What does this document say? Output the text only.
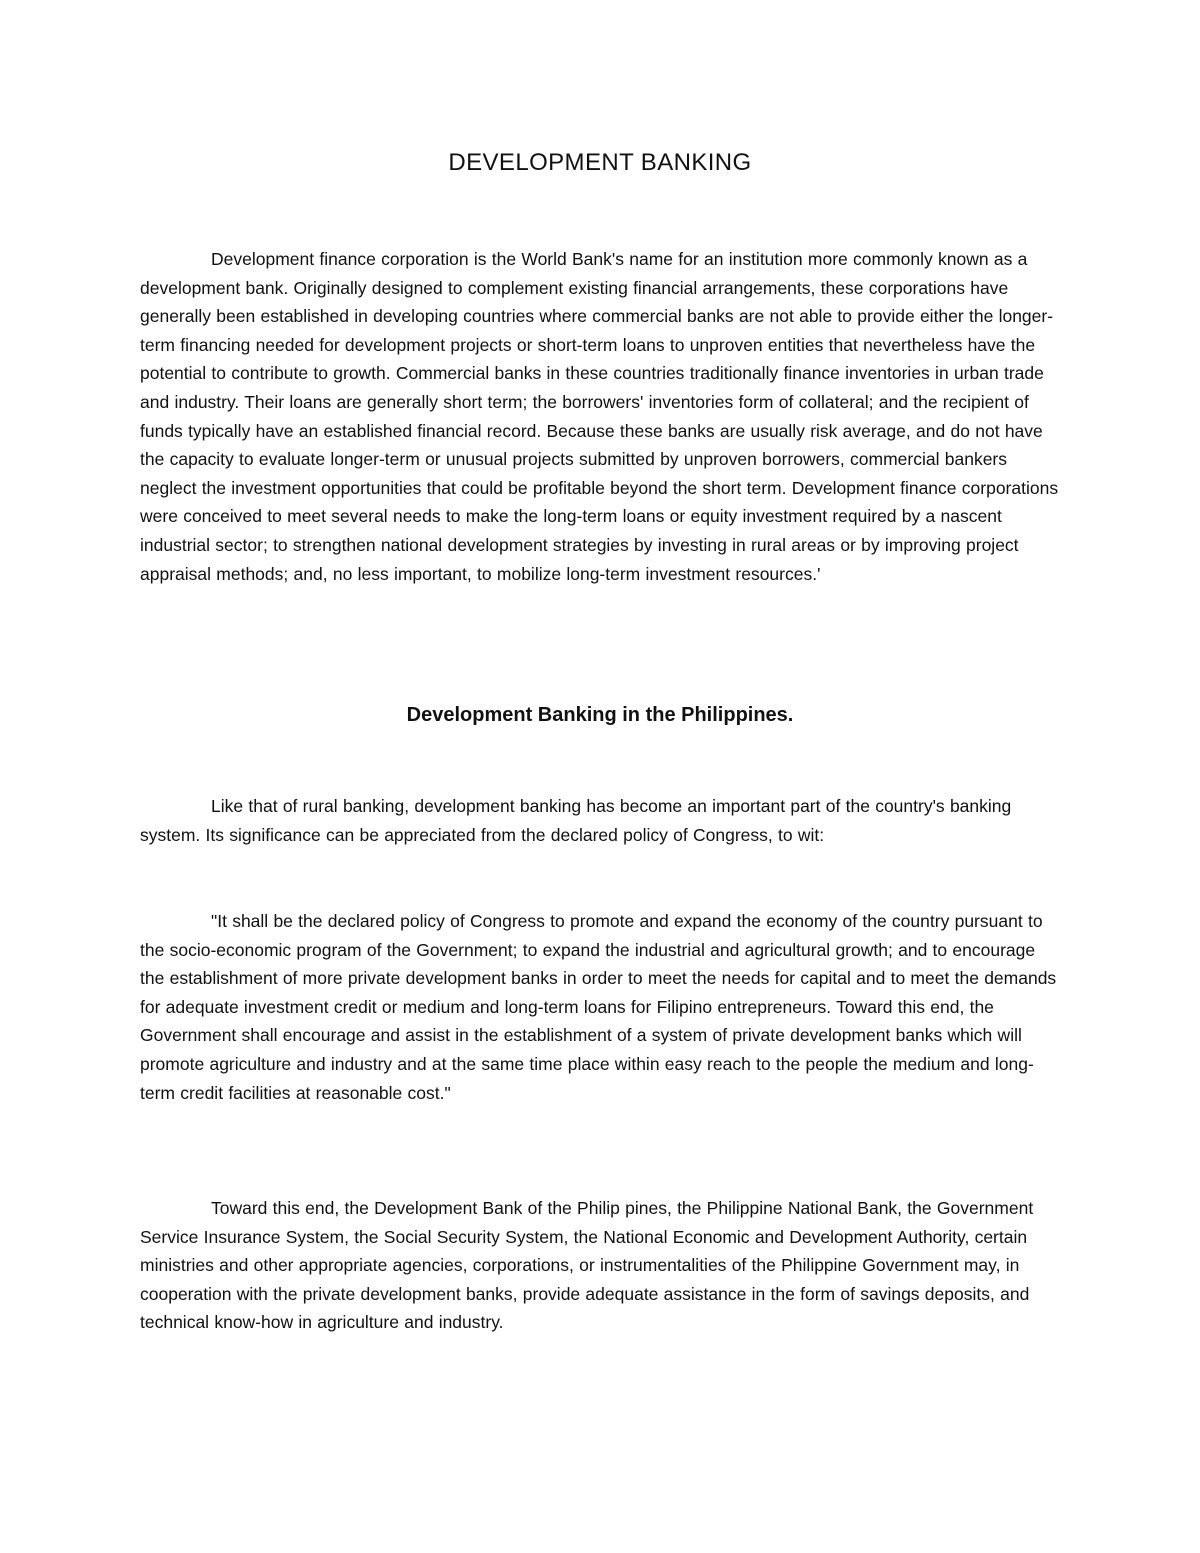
DEVELOPMENT BANKING

Development finance corporation is the World Bank's name for an institution more commonly known as a development bank. Originally designed to complement existing financial arrangements, these corporations have generally been established in developing countries where commercial banks are not able to provide either the longer-term financing needed for development projects or short-term loans to unproven entities that nevertheless have the potential to contribute to growth. Commercial banks in these countries traditionally finance inventories in urban trade and industry. Their loans are generally short term; the borrowers' inventories form of collateral; and the recipient of funds typically have an established financial record. Because these banks are usually risk average, and do not have the capacity to evaluate longer-term or unusual projects submitted by unproven borrowers, commercial bankers neglect the investment opportunities that could be profitable beyond the short term. Development finance corporations were conceived to meet several needs to make the long-term loans or equity investment required by a nascent industrial sector; to strengthen national development strategies by investing in rural areas or by improving project appraisal methods; and, no less important, to mobilize long-term investment resources.'

Development Banking in the Philippines.

Like that of rural banking, development banking has become an important part of the country's banking system. Its significance can be appreciated from the declared policy of Congress, to wit:

"It shall be the declared policy of Congress to promote and expand the economy of the country pursuant to the socio-economic program of the Government; to expand the industrial and agricultural growth; and to encourage the establishment of more private development banks in order to meet the needs for capital and to meet the demands for adequate investment credit or medium and long-term loans for Filipino entrepreneurs. Toward this end, the Government shall encourage and assist in the establishment of a system of private development banks which will promote agriculture and industry and at the same time place within easy reach to the people the medium and long-term credit facilities at reasonable cost."

Toward this end, the Development Bank of the Philip pines, the Philippine National Bank, the Government Service Insurance System, the Social Security System, the National Economic and Development Authority, certain ministries and other appropriate agencies, corporations, or instrumentalities of the Philippine Government may, in cooperation with the private development banks, provide adequate assistance in the form of savings deposits, and technical know-how in agriculture and industry.
